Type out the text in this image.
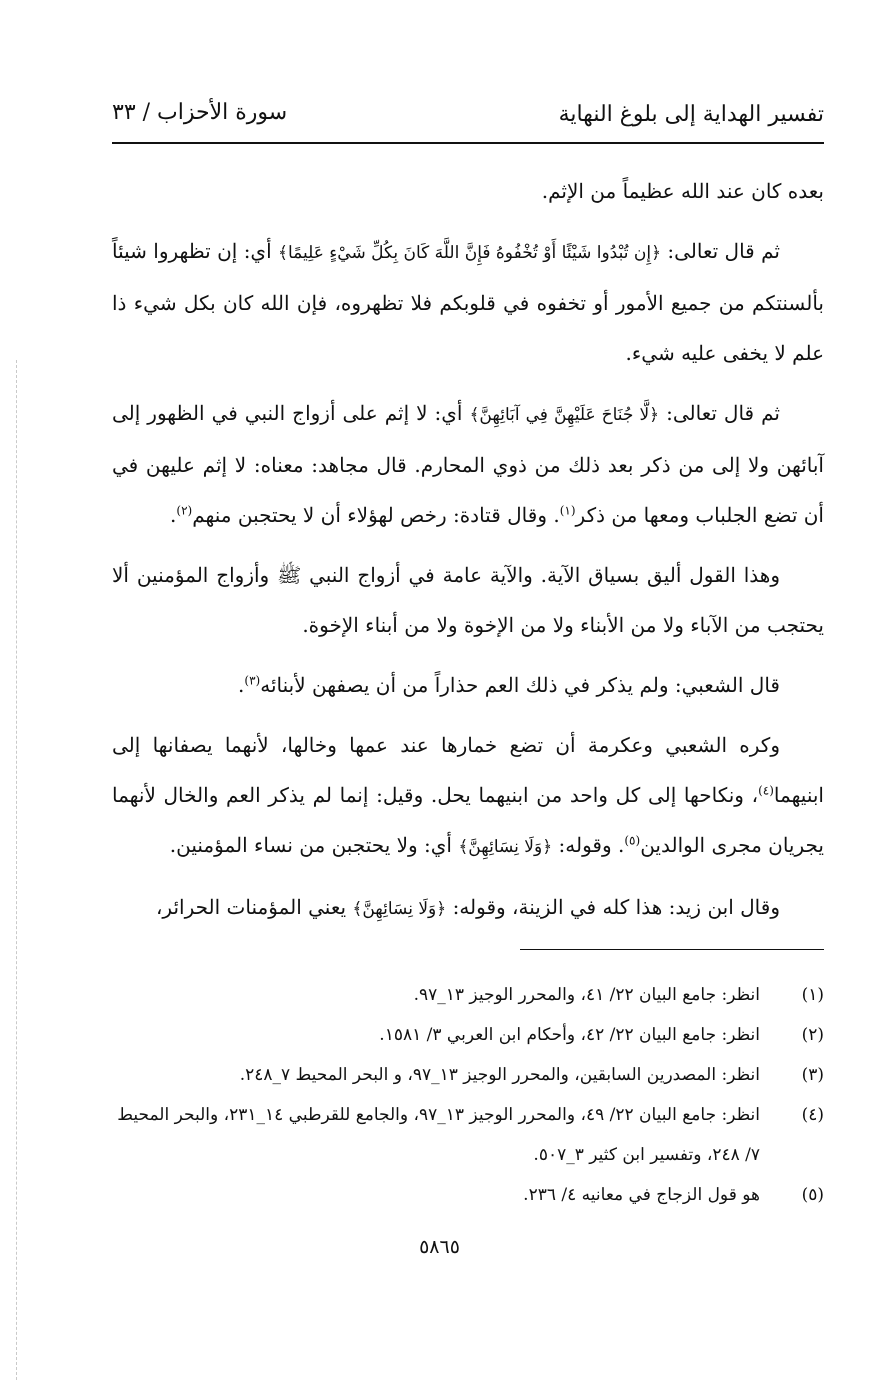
تفسير الهداية إلى بلوغ النهاية
سورة الأحزاب / ٣٣

بعده كان عند الله عظيماً من الإثم.

ثم قال تعالى: ﴿إِن تُبْدُوا شَيْئًا أَوْ تُخْفُوهُ فَإِنَّ اللَّهَ كَانَ بِكُلِّ شَيْءٍ عَلِيمًا﴾ أي: إن تظهروا شيئاً بألسنتكم من جميع الأمور أو تخفوه في قلوبكم فلا تظهروه، فإن الله كان بكل شيء ذا علم لا يخفى عليه شيء.

ثم قال تعالى: ﴿لَّا جُنَاحَ عَلَيْهِنَّ فِي آبَائِهِنَّ﴾ أي: لا إثم على أزواج النبي في الظهور إلى آبائهن ولا إلى من ذكر بعد ذلك من ذوي المحارم. قال مجاهد: معناه: لا إثم عليهن في أن تضع الجلباب ومعها من ذكر$^{(١)}$. وقال قتادة: رخص لهؤلاء أن لا يحتجبن منهم$^{(٢)}$.

وهذا القول أليق بسياق الآية. والآية عامة في أزواج النبي ﷺ وأزواج المؤمنين ألا يحتجب من الآباء ولا من الأبناء ولا من الإخوة ولا من أبناء الإخوة.

قال الشعبي: ولم يذكر في ذلك العم حذاراً من أن يصفهن لأبنائه$^{(٣)}$.

وكره الشعبي وعكرمة أن تضع خمارها عند عمها وخالها، لأنهما يصفانها إلى ابنيهما$^{(٤)}$، ونكاحها إلى كل واحد من ابنيهما يحل. وقيل: إنما لم يذكر العم والخال لأنهما يجريان مجرى الوالدين$^{(٥)}$. وقوله: ﴿وَلَا نِسَائِهِنَّ﴾ أي: ولا يحتجبن من نساء المؤمنين.

وقال ابن زيد: هذا كله في الزينة، وقوله: ﴿وَلَا نِسَائِهِنَّ﴾ يعني المؤمنات الحرائر،

(١)
انظر: جامع البيان ٢٢/ ٤١، والمحرر الوجيز ١٣_٩٧.

(٢)
انظر: جامع البيان ٢٢/ ٤٢، وأحكام ابن العربي ٣/ ١٥٨١.

(٣)
انظر: المصدرين السابقين، والمحرر الوجيز ١٣_٩٧، و البحر المحيط ٧_٢٤٨.

(٤)
انظر: جامع البيان ٢٢/ ٤٩، والمحرر الوجيز ١٣_٩٧، والجامع للقرطبي ١٤_٢٣١، والبحر المحيط ٧/ ٢٤٨، وتفسير ابن كثير ٣_٥٠٧.

(٥)
هو قول الزجاج في معانيه ٤/ ٢٣٦.

٥٨٦٥
